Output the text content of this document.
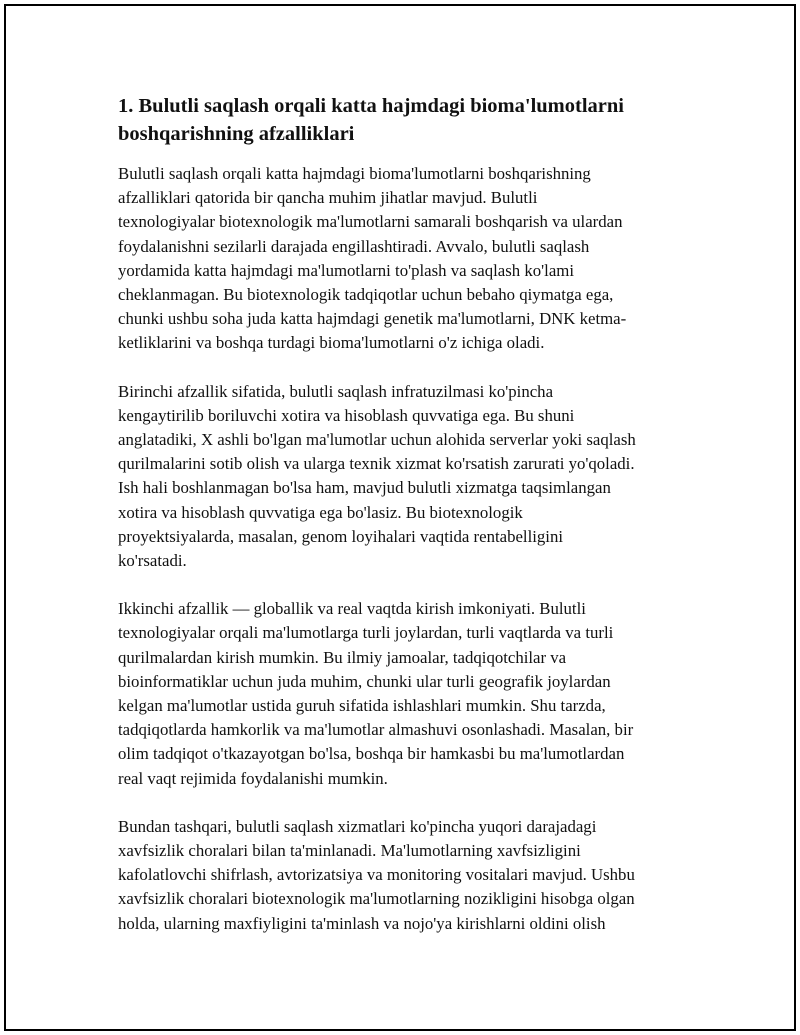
1. Bulutli saqlash orqali katta hajmdagi bioma'lumotlarni
boshqarishning afzalliklari

Bulutli saqlash orqali katta hajmdagi bioma'lumotlarni boshqarishning
afzalliklari qatorida bir qancha muhim jihatlar mavjud. Bulutli
texnologiyalar biotexnologik ma'lumotlarni samarali boshqarish va ulardan
foydalanishni sezilarli darajada engillashtiradi. Avvalo, bulutli saqlash
yordamida katta hajmdagi ma'lumotlarni to'plash va saqlash ko'lami
cheklanmagan. Bu biotexnologik tadqiqotlar uchun bebaho qiymatga ega,
chunki ushbu soha juda katta hajmdagi genetik ma'lumotlarni, DNK ketma-
ketliklarini va boshqa turdagi bioma'lumotlarni o'z ichiga oladi.

Birinchi afzallik sifatida, bulutli saqlash infratuzilmasi ko'pincha
kengaytirilib boriluvchi xotira va hisoblash quvvatiga ega. Bu shuni
anglatadiki, X ashli bo'lgan ma'lumotlar uchun alohida serverlar yoki saqlash
qurilmalarini sotib olish va ularga texnik xizmat ko'rsatish zarurati yo'qoladi.
Ish hali boshlanmagan bo'lsa ham, mavjud bulutli xizmatga taqsimlangan
xotira va hisoblash quvvatiga ega bo'lasiz. Bu biotexnologik
proyektsiyalarda, masalan, genom loyihalari vaqtida rentabelligini
ko'rsatadi.

Ikkinchi afzallik — globallik va real vaqtda kirish imkoniyati. Bulutli
texnologiyalar orqali ma'lumotlarga turli joylardan, turli vaqtlarda va turli
qurilmalardan kirish mumkin. Bu ilmiy jamoalar, tadqiqotchilar va
bioinformatiklar uchun juda muhim, chunki ular turli geografik joylardan
kelgan ma'lumotlar ustida guruh sifatida ishlashlari mumkin. Shu tarzda,
tadqiqotlarda hamkorlik va ma'lumotlar almashuvi osonlashadi. Masalan, bir
olim tadqiqot o'tkazayotgan bo'lsa, boshqa bir hamkasbi bu ma'lumotlardan
real vaqt rejimida foydalanishi mumkin.

Bundan tashqari, bulutli saqlash xizmatlari ko'pincha yuqori darajadagi
xavfsizlik choralari bilan ta'minlanadi. Ma'lumotlarning xavfsizligini
kafolatlovchi shifrlash, avtorizatsiya va monitoring vositalari mavjud. Ushbu
xavfsizlik choralari biotexnologik ma'lumotlarning nozikligini hisobga olgan
holda, ularning maxfiyligini ta'minlash va nojo'ya kirishlarni oldini olish
